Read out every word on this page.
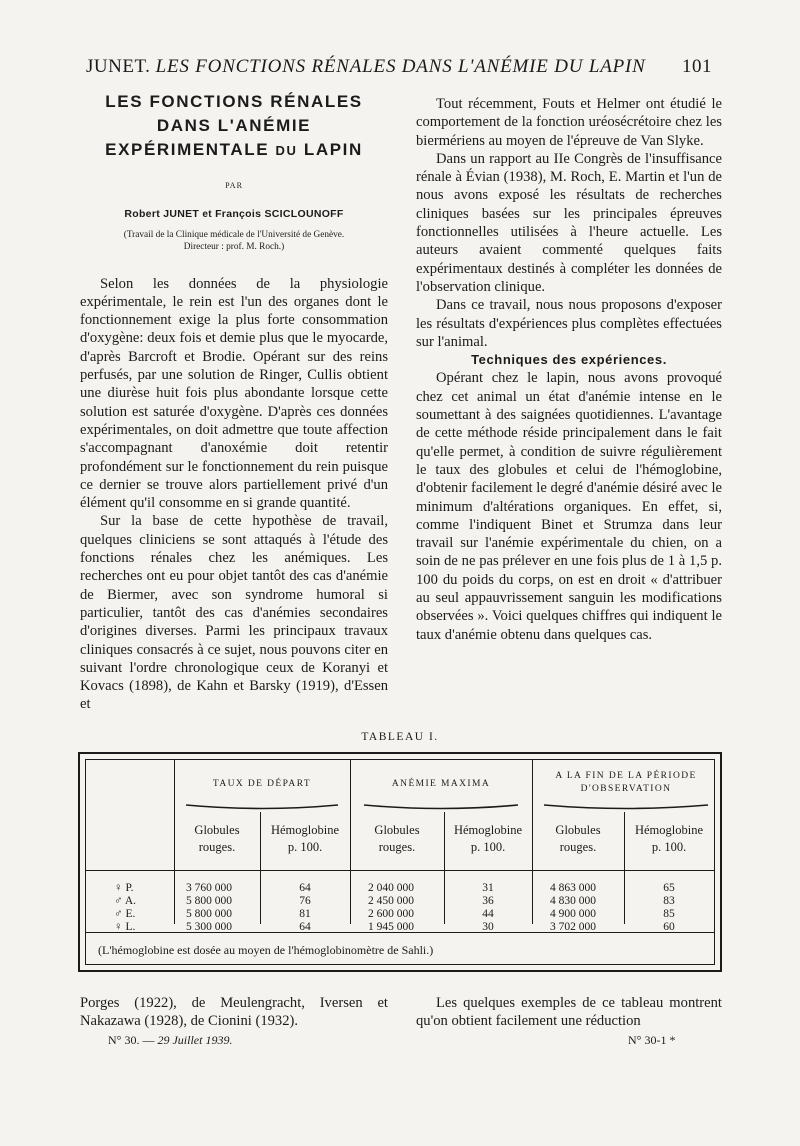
JUNET. LES FONCTIONS RÉNALES DANS L'ANÉMIE DU LAPIN 101
LES FONCTIONS RÉNALES
DANS L'ANÉMIE
EXPÉRIMENTALE DU LAPIN
PAR
Robert JUNET et François SCICLOUNOFF
(Travail de la Clinique médicale de l'Université de Genève.
Directeur : prof. M. Roch.)

Selon les données de la physiologie expérimentale, le rein est l'un des organes dont le fonctionnement exige la plus forte consommation d'oxygène: deux fois et demie plus que le myocarde, d'après Barcroft et Brodie. Opérant sur des reins perfusés, par une solution de Ringer, Cullis obtient une diurèse huit fois plus abondante lorsque cette solution est saturée d'oxygène. D'après ces données expérimentales, on doit admettre que toute affection s'accompagnant d'anoxémie doit retentir profondément sur le fonctionnement du rein puisque ce dernier se trouve alors partiellement privé d'un élément qu'il consomme en si grande quantité.

Sur la base de cette hypothèse de travail, quelques cliniciens se sont attaqués à l'étude des fonctions rénales chez les anémiques. Les recherches ont eu pour objet tantôt des cas d'anémie de Biermer, avec son syndrome humoral si particulier, tantôt des cas d'anémies secondaires d'origines diverses. Parmi les principaux travaux cliniques consacrés à ce sujet, nous pouvons citer en suivant l'ordre chronologique ceux de Koranyi et Kovacs (1898), de Kahn et Barsky (1919), d'Essen et

Tout récemment, Fouts et Helmer ont étudié le comportement de la fonction uréosécrétoire chez les biermériens au moyen de l'épreuve de Van Slyke.

Dans un rapport au IIe Congrès de l'insuffisance rénale à Évian (1938), M. Roch, E. Martin et l'un de nous avons exposé les résultats de recherches cliniques basées sur les principales épreuves fonctionnelles utilisées à l'heure actuelle. Les auteurs avaient commenté quelques faits expérimentaux destinés à compléter les données de l'observation clinique.

Dans ce travail, nous nous proposons d'exposer les résultats d'expériences plus complètes effectuées sur l'animal.

Techniques des expériences.

Opérant chez le lapin, nous avons provoqué chez cet animal un état d'anémie intense en le soumettant à des saignées quotidiennes. L'avantage de cette méthode réside principalement dans le fait qu'elle permet, à condition de suivre régulièrement le taux des globules et celui de l'hémoglobine, d'obtenir facilement le degré d'anémie désiré avec le minimum d'altérations organiques. En effet, si, comme l'indiquent Binet et Strumza dans leur travail sur l'anémie expérimentale du chien, on a soin de ne pas prélever en une fois plus de 1 à 1,5 p. 100 du poids du corps, on est en droit « d'attribuer au seul appauvrissement sanguin les modifications observées ». Voici quelques chiffres qui indiquent le taux d'anémie obtenu dans quelques cas.

TABLEAU I.
TAUX DE DÉPART	ANÉMIE MAXIMA
A LA FIN DE LA PÉRIODE D'OBSERVATION
Globules
rouges.
Hémoglobine
p. 100.
Globules
rouges.
Hémoglobine
p. 100.
Globules
rouges.
Hémoglobine
p. 100.
♀ P.	3 760 000	64	2 040 000	31	4 863 000	65
♂ A.	5 800 000	76	2 450 000	36	4 830 000	83
♂ E.	5 800 000	81	2 600 000	44	4 900 000	85
♀ L.	5 300 000	64	1 945 000	30	3 702 000	60
(L'hémoglobine est dosée au moyen de l'hémoglobinomètre de Sahli.)

Porges (1922), de Meulengracht, Iversen et Nakazawa (1928), de Cionini (1932).

Les quelques exemples de ce tableau montrent qu'on obtient facilement une réduction

N° 30. — 29 Juillet 1939.	N° 30-1 *
